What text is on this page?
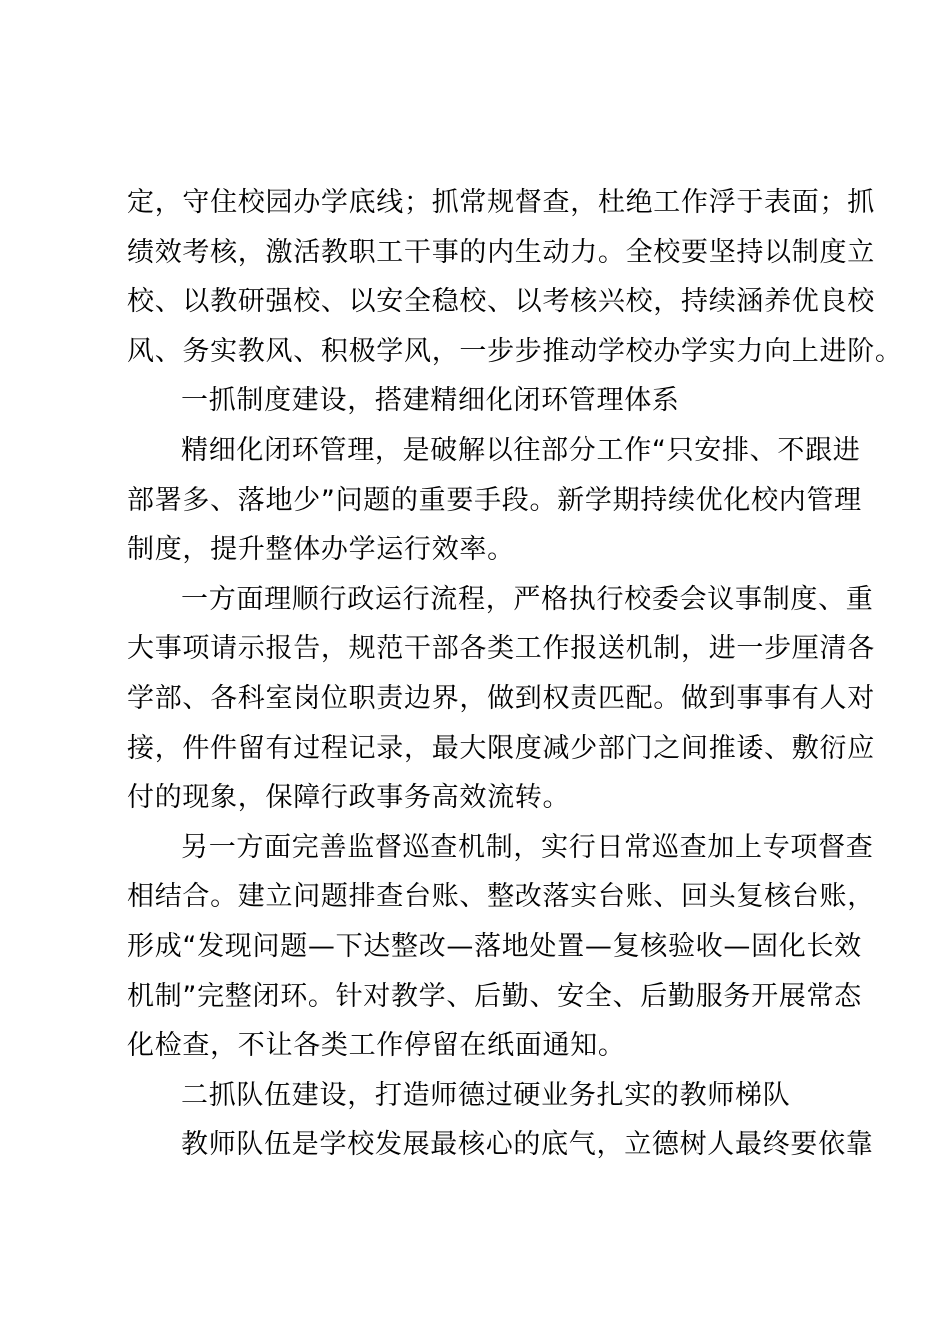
定，守住校园办学底线；抓常规督查，杜绝工作浮于表面；抓
绩效考核，激活教职工干事的内生动力。全校要坚持以制度立
校、以教研强校、以安全稳校、以考核兴校，持续涵养优良校
风、务实教风、积极学风，一步步推动学校办学实力向上进阶。
一抓制度建设，搭建精细化闭环管理体系
精细化闭环管理，是破解以往部分工作“只安排、不跟进
部署多、落地少”问题的重要手段。新学期持续优化校内管理
制度，提升整体办学运行效率。
一方面理顺行政运行流程，严格执行校委会议事制度、重
大事项请示报告，规范干部各类工作报送机制，进一步厘清各
学部、各科室岗位职责边界，做到权责匹配。做到事事有人对
接，件件留有过程记录，最大限度减少部门之间推诿、敷衍应
付的现象，保障行政事务高效流转。
另一方面完善监督巡查机制，实行日常巡查加上专项督查
相结合。建立问题排查台账、整改落实台账、回头复核台账，
形成“发现问题—下达整改—落地处置—复核验收—固化长效
机制”完整闭环。针对教学、后勤、安全、后勤服务开展常态
化检查，不让各类工作停留在纸面通知。
二抓队伍建设，打造师德过硬业务扎实的教师梯队
教师队伍是学校发展最核心的底气，立德树人最终要依靠
